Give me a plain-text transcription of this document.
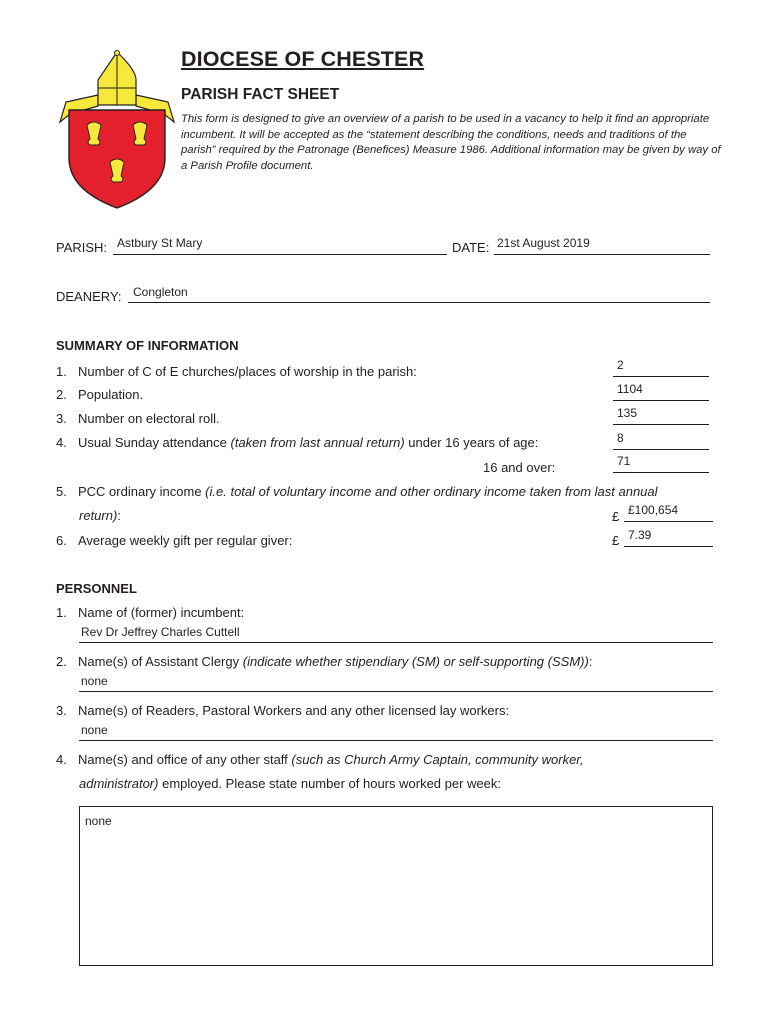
DIOCESE OF CHESTER
PARISH FACT SHEET
This form is designed to give an overview of a parish to be used in a vacancy to help it find an appropriate incumbent. It will be accepted as the “statement describing the conditions, needs and traditions of the parish” required by the Patronage (Benefices) Measure 1986. Additional information may be given by way of a Parish Profile document.
PARISH: Astbury St Mary	DATE: 21st August 2019
DEANERY: Congleton
SUMMARY OF INFORMATION
1. Number of C of E churches/places of worship in the parish:	2
2. Population.	1104
3. Number on electoral roll.	135
4. Usual Sunday attendance (taken from last annual return) under 16 years of age:	8
16 and over:	71
5. PCC ordinary income (i.e. total of voluntary income and other ordinary income taken from last annual
return):	£ £100,654
6. Average weekly gift per regular giver:	£ 7.39
PERSONNEL
1. Name of (former) incumbent:
Rev Dr Jeffrey Charles Cuttell
2. Name(s) of Assistant Clergy (indicate whether stipendiary (SM) or self-supporting (SSM)):
none
3. Name(s) of Readers, Pastoral Workers and any other licensed lay workers:
none
4. Name(s) and office of any other staff (such as Church Army Captain, community worker,
administrator) employed. Please state number of hours worked per week:
none
